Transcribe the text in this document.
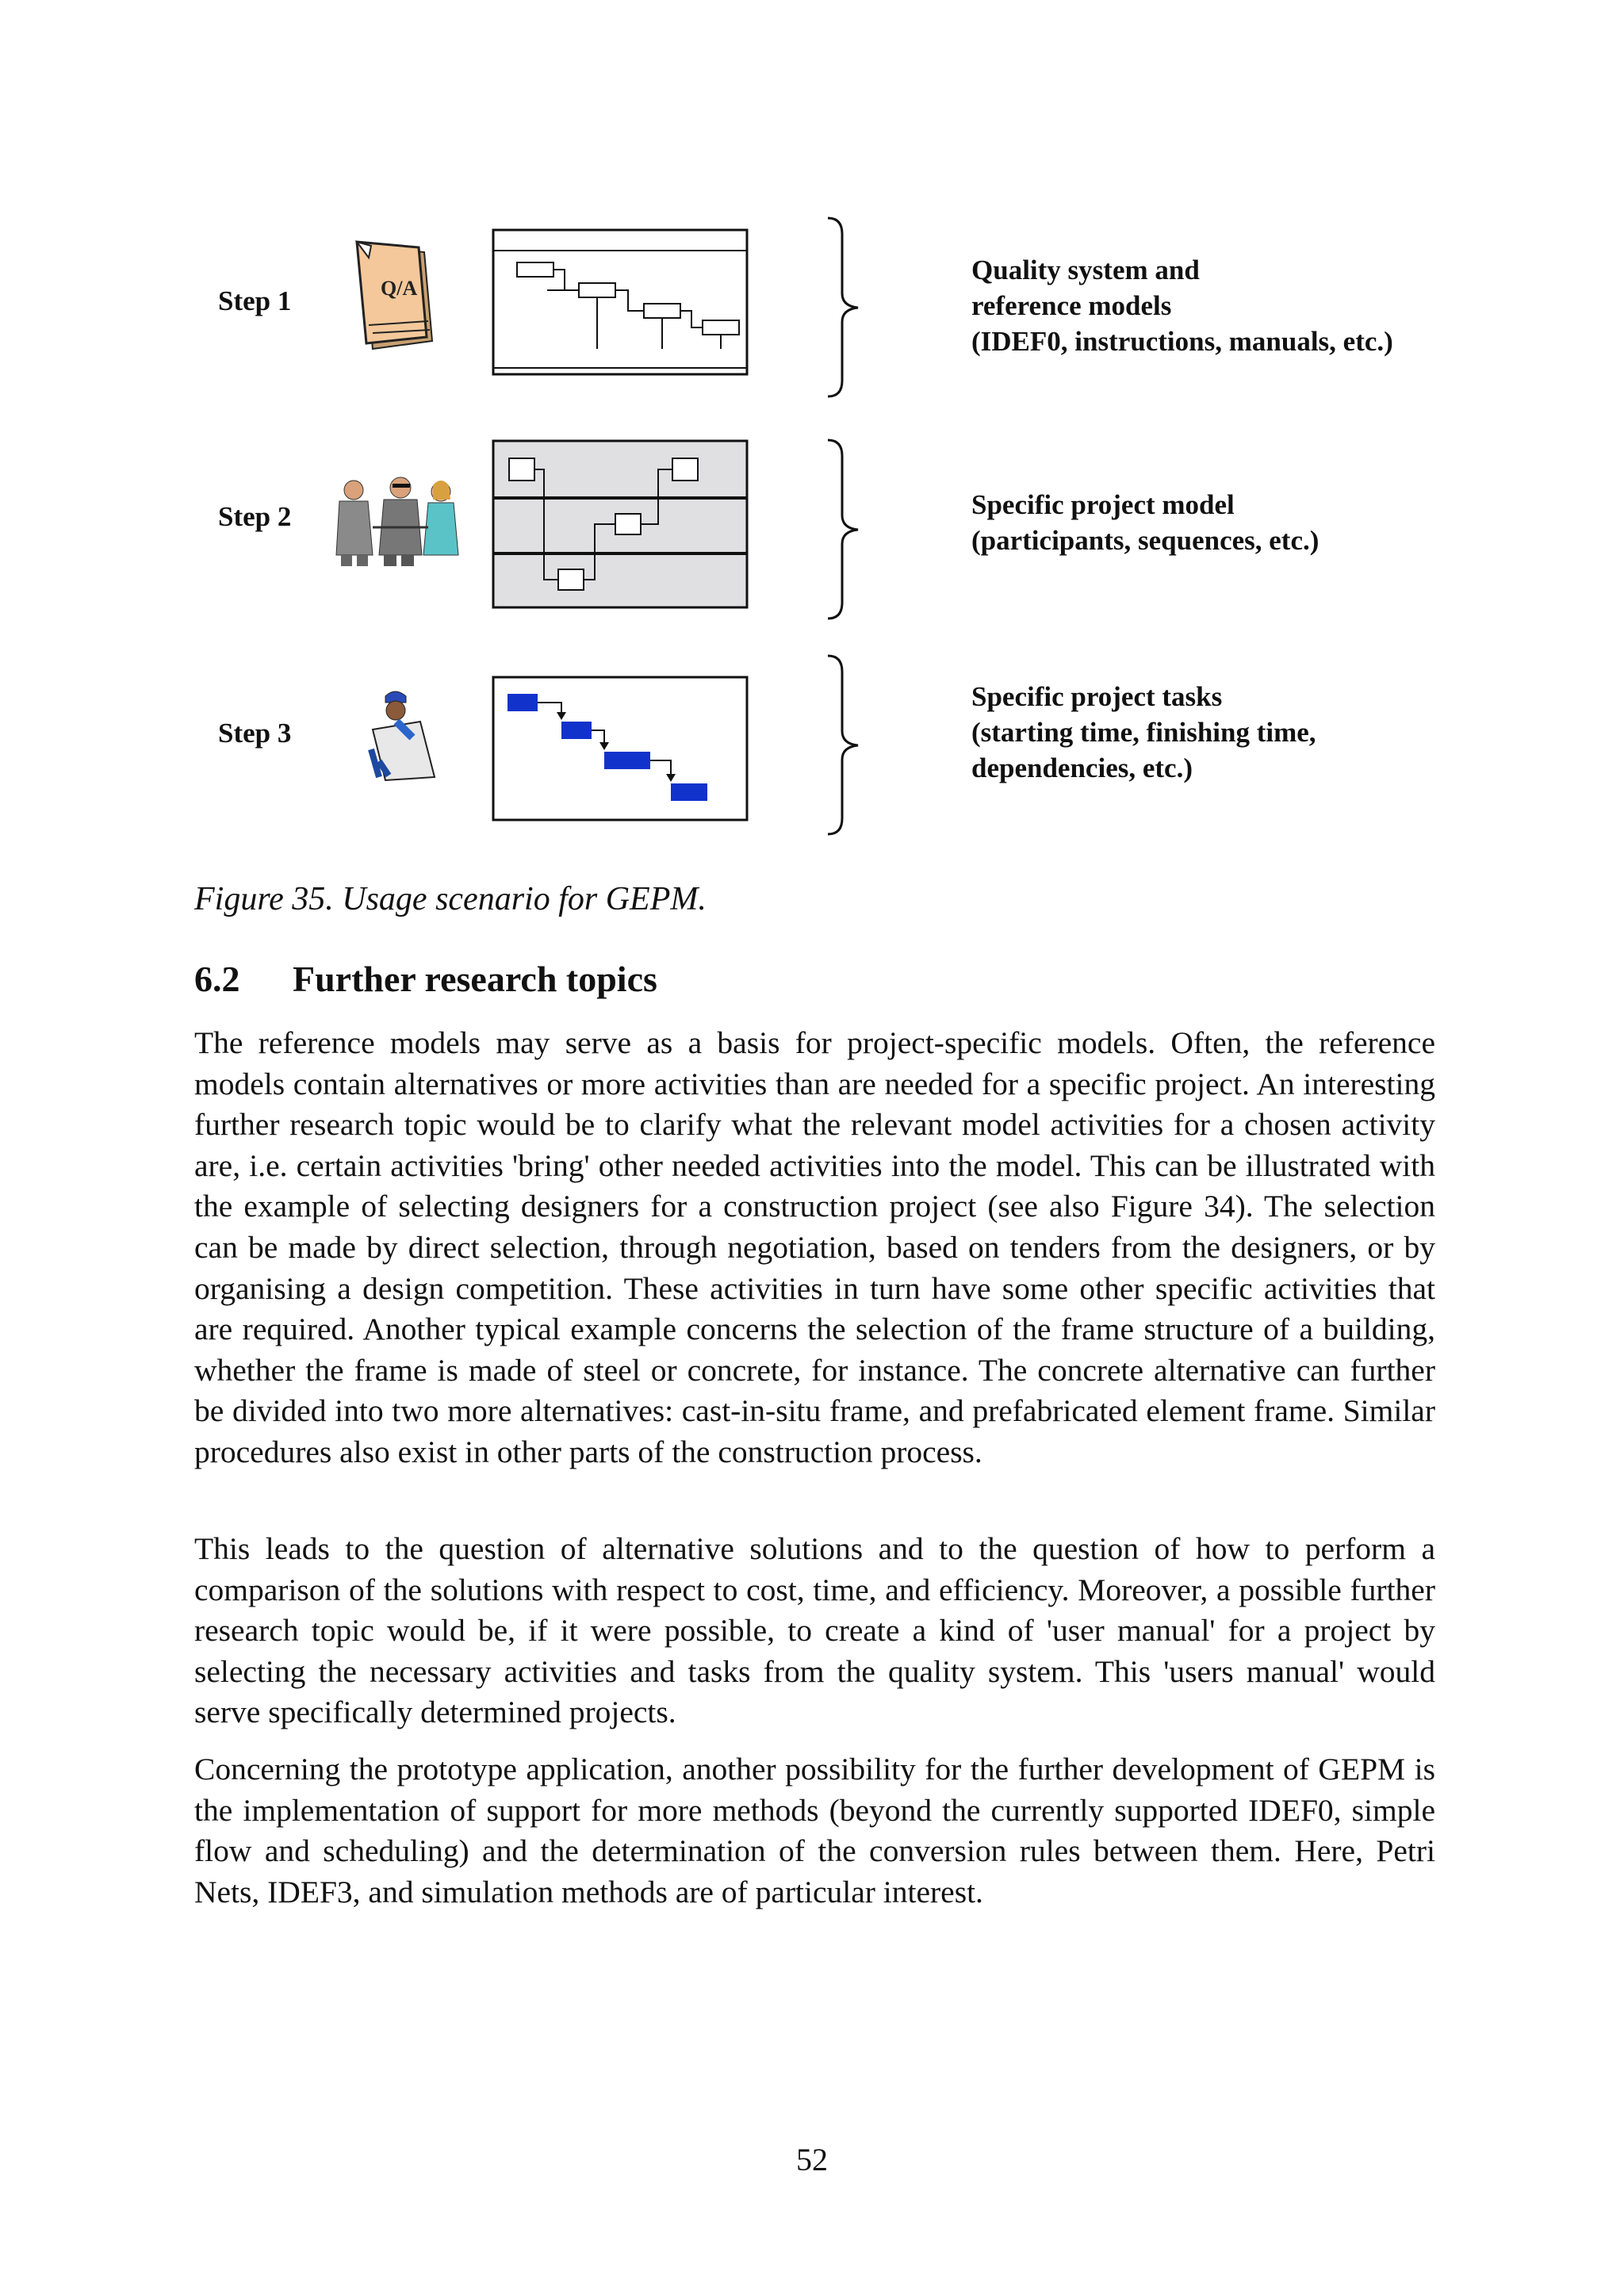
Step 1
Step 2
Step 3
Q/A
Quality system and
reference models
(IDEF0, instructions, manuals, etc.)
Specific project model
(participants, sequences, etc.)
Specific project tasks
(starting time, finishing time,
dependencies, etc.)
Figure 35. Usage scenario for GEPM.
6.2 Further research topics
The reference models may serve as a basis for project-specific models. Often, the reference models contain alternatives or more activities than are needed for a specific project. An interesting further research topic would be to clarify what the relevant model activities for a chosen activity are, i.e. certain activities 'bring' other needed activities into the model. This can be illustrated with the example of selecting designers for a construction project (see also Figure 34). The selection can be made by direct selection, through negotiation, based on tenders from the designers, or by organising a design competition. These activities in turn have some other specific activities that are required. Another typical example concerns the selection of the frame structure of a building, whether the frame is made of steel or concrete, for instance. The concrete alternative can further be divided into two more alternatives: cast-in-situ frame, and prefabricated element frame. Similar procedures also exist in other parts of the construction process.
This leads to the question of alternative solutions and to the question of how to perform a comparison of the solutions with respect to cost, time, and efficiency. Moreover, a possible further research topic would be, if it were possible, to create a kind of 'user manual' for a project by selecting the necessary activities and tasks from the quality system. This 'users manual' would serve specifically determined projects.
Concerning the prototype application, another possibility for the further development of GEPM is the implementation of support for more methods (beyond the currently supported IDEF0, simple flow and scheduling) and the determination of the conversion rules between them. Here, Petri Nets, IDEF3, and simulation methods are of particular interest.
52
